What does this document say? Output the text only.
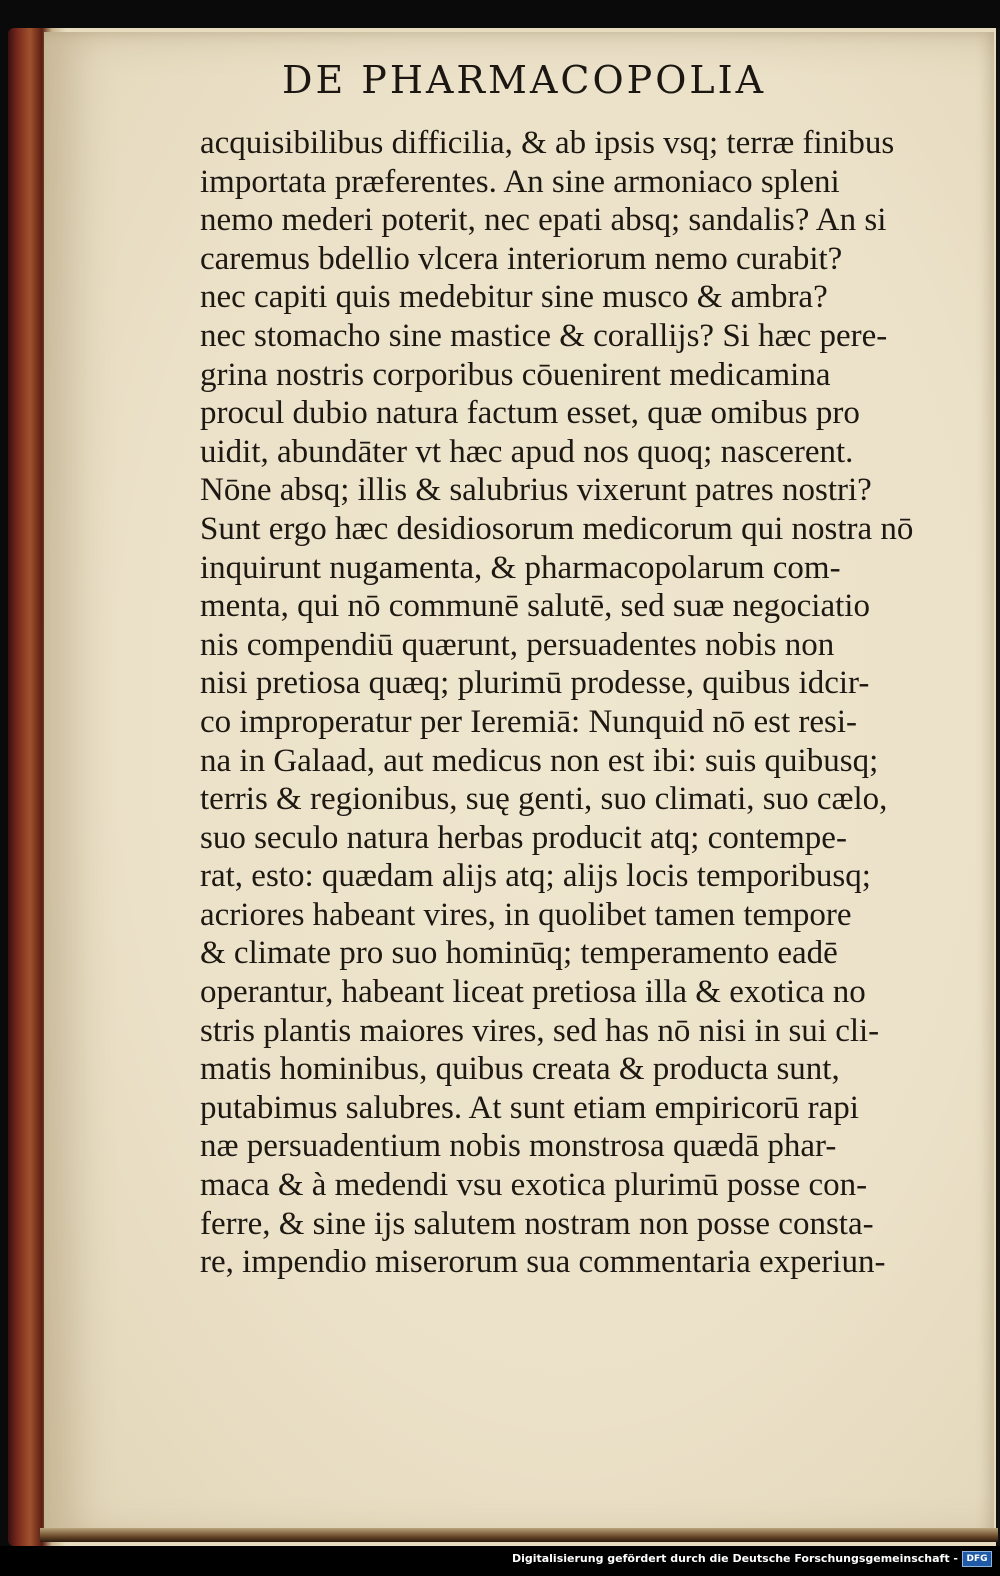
DE PHARMACOPOLIA
acquisibilibus difficilia, & ab ipsis vsq; terræ finibus
importata præferentes. An sine armoniaco spleni
nemo mederi poterit, nec epati absq; sandalis? An si
caremus bdellio vlcera interiorum nemo curabit?
nec capiti quis medebitur sine musco & ambra?
nec stomacho sine mastice & corallijs? Si hæc pere-
grina nostris corporibus cōuenirent medicamina
procul dubio natura factum esset, quæ omibus pro
uidit, abundāter vt hæc apud nos quoq; nascerent.
Nōne absq; illis & salubrius vixerunt patres nostri?
Sunt ergo hæc desidiosorum medicorum qui nostra nō
inquirunt nugamenta, & pharmacopolarum com-
menta, qui nō communē salutē, sed suæ negociatio
nis compendiū quærunt, persuadentes nobis non
nisi pretiosa quæq; plurimū prodesse, quibus idcir-
co improperatur per Ieremiā: Nunquid nō est resi-
na in Galaad, aut medicus non est ibi: suis quibusq;
terris & regionibus, suę genti, suo climati, suo cælo,
suo seculo natura herbas producit atq; contempe-
rat, esto: quædam alijs atq; alijs locis temporibusq;
acriores habeant vires, in quolibet tamen tempore
& climate pro suo hominūq; temperamento eadē
operantur, habeant liceat pretiosa illa & exotica no
stris plantis maiores vires, sed has nō nisi in sui cli-
matis hominibus, quibus creata & producta sunt,
putabimus salubres. At sunt etiam empiricorū rapi
næ persuadentium nobis monstrosa quædā phar-
maca & à medendi vsu exotica plurimū posse con-
ferre, & sine ijs salutem nostram non posse consta-
re, impendio miserorum sua commentaria experiun-
Digitalisierung gefördert durch die Deutsche Forschungsgemeinschaft - DFG
